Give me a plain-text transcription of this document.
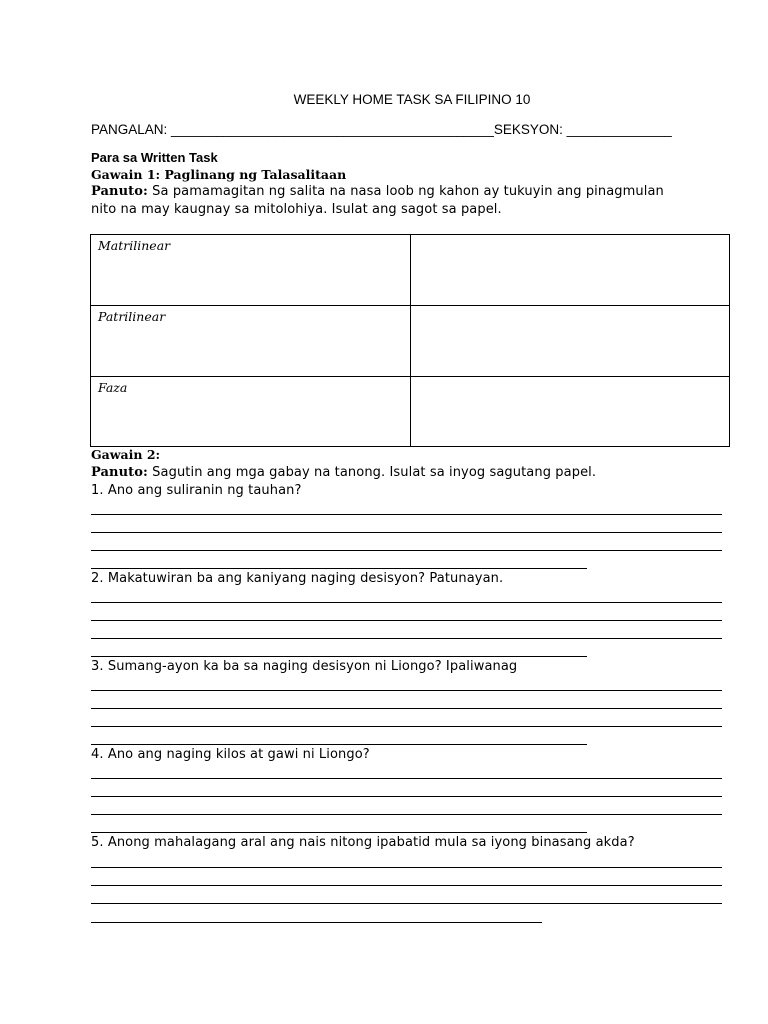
WEEKLY HOME TASK SA FILIPINO 10
PANGALAN: ___________________________________________SEKSYON: ______________
Para sa Written Task
Gawain 1: Paglinang ng Talasalitaan
Panuto: Sa pamamagitan ng salita na nasa loob ng kahon ay tukuyin ang pinagmulan
nito na may kaugnay sa mitolohiya. Isulat ang sagot sa papel.
Matrilinear
Patrilinear
Faza
Gawain 2:
Panuto: Sagutin ang mga gabay na tanong. Isulat sa inyog sagutang papel.
1. Ano ang suliranin ng tauhan?
2. Makatuwiran ba ang kaniyang naging desisyon? Patunayan.
3. Sumang-ayon ka ba sa naging desisyon ni Liongo? Ipaliwanag
4. Ano ang naging kilos at gawi ni Liongo?
5. Anong mahalagang aral ang nais nitong ipabatid mula sa iyong binasang akda?
